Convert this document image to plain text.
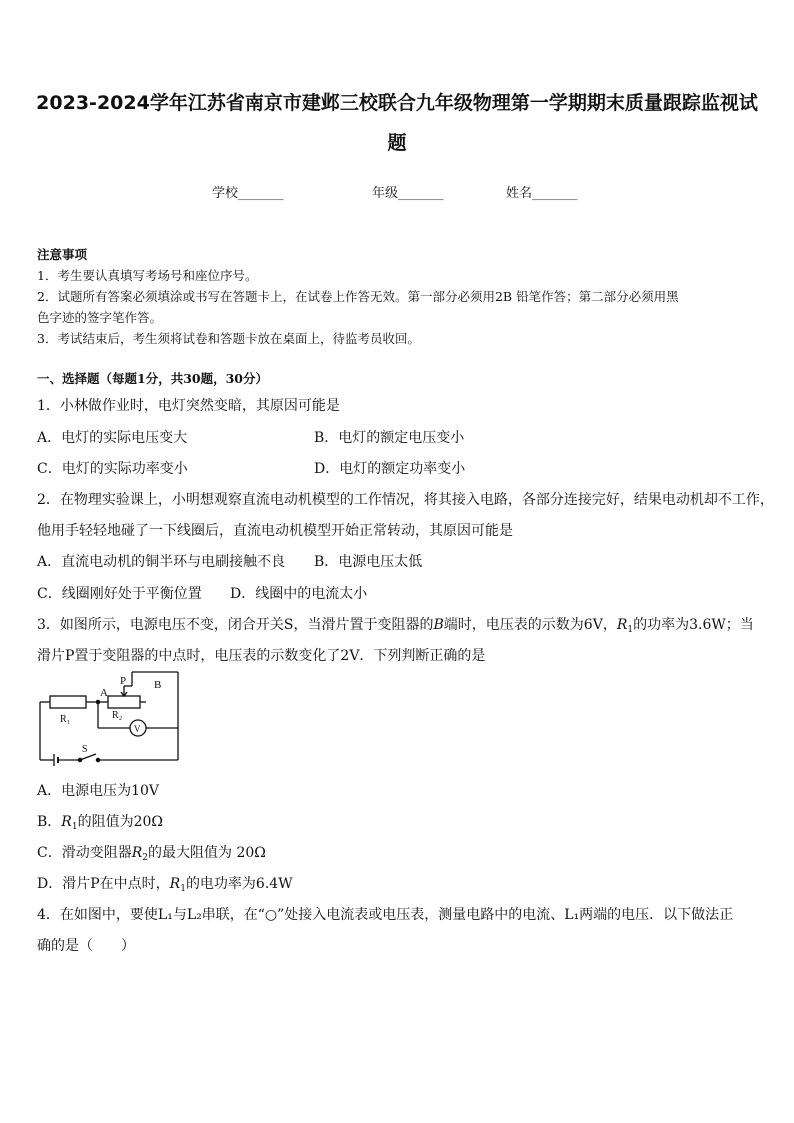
2023-2024学年江苏省南京市建邺三校联合九年级物理第一学期期末质量跟踪监视试
题
学校_______	年级_______	姓名_______
注意事项
1．考生要认真填写考场号和座位序号。
2．试题所有答案必须填涂或书写在答题卡上，在试卷上作答无效。第一部分必须用2B 铅笔作答；第二部分必须用黑
色字迹的签字笔作答。
3．考试结束后，考生须将试卷和答题卡放在桌面上，待监考员收回。
一、选择题（每题1分，共30题，30分）
1．小林做作业时，电灯突然变暗，其原因可能是
A．电灯的实际电压变大	B．电灯的额定电压变小
C．电灯的实际功率变小	D．电灯的额定功率变小
2．在物理实验课上，小明想观察直流电动机模型的工作情况，将其接入电路，各部分连接完好，结果电动机却不工作，
他用手轻轻地碰了一下线圈后，直流电动机模型开始正常转动，其原因可能是
A．直流电动机的铜半环与电刷接触不良 B．电源电压太低
C．线圈刚好处于平衡位置 D．线圈中的电流太小
3．如图所示，电源电压不变，闭合开关S，当滑片置于变阻器的B端时，电压表的示数为6V，$R_1$的功率为3.6W；当
滑片P置于变阻器的中点时，电压表的示数变化了2V．下列判断正确的是
A
P	B
R 1
R 2
V
S
A．电源电压为10V
B．$R_1$的阻值为20Ω
C．滑动变阻器$R_2$的最大阻值为 20Ω
D．滑片P在中点时，$R_1$的电功率为6.4W
4．在如图中，要使L₁与L₂串联，在“○”处接入电流表或电压表，测量电路中的电流、L₁两端的电压．以下做法正
确的是（　　）
